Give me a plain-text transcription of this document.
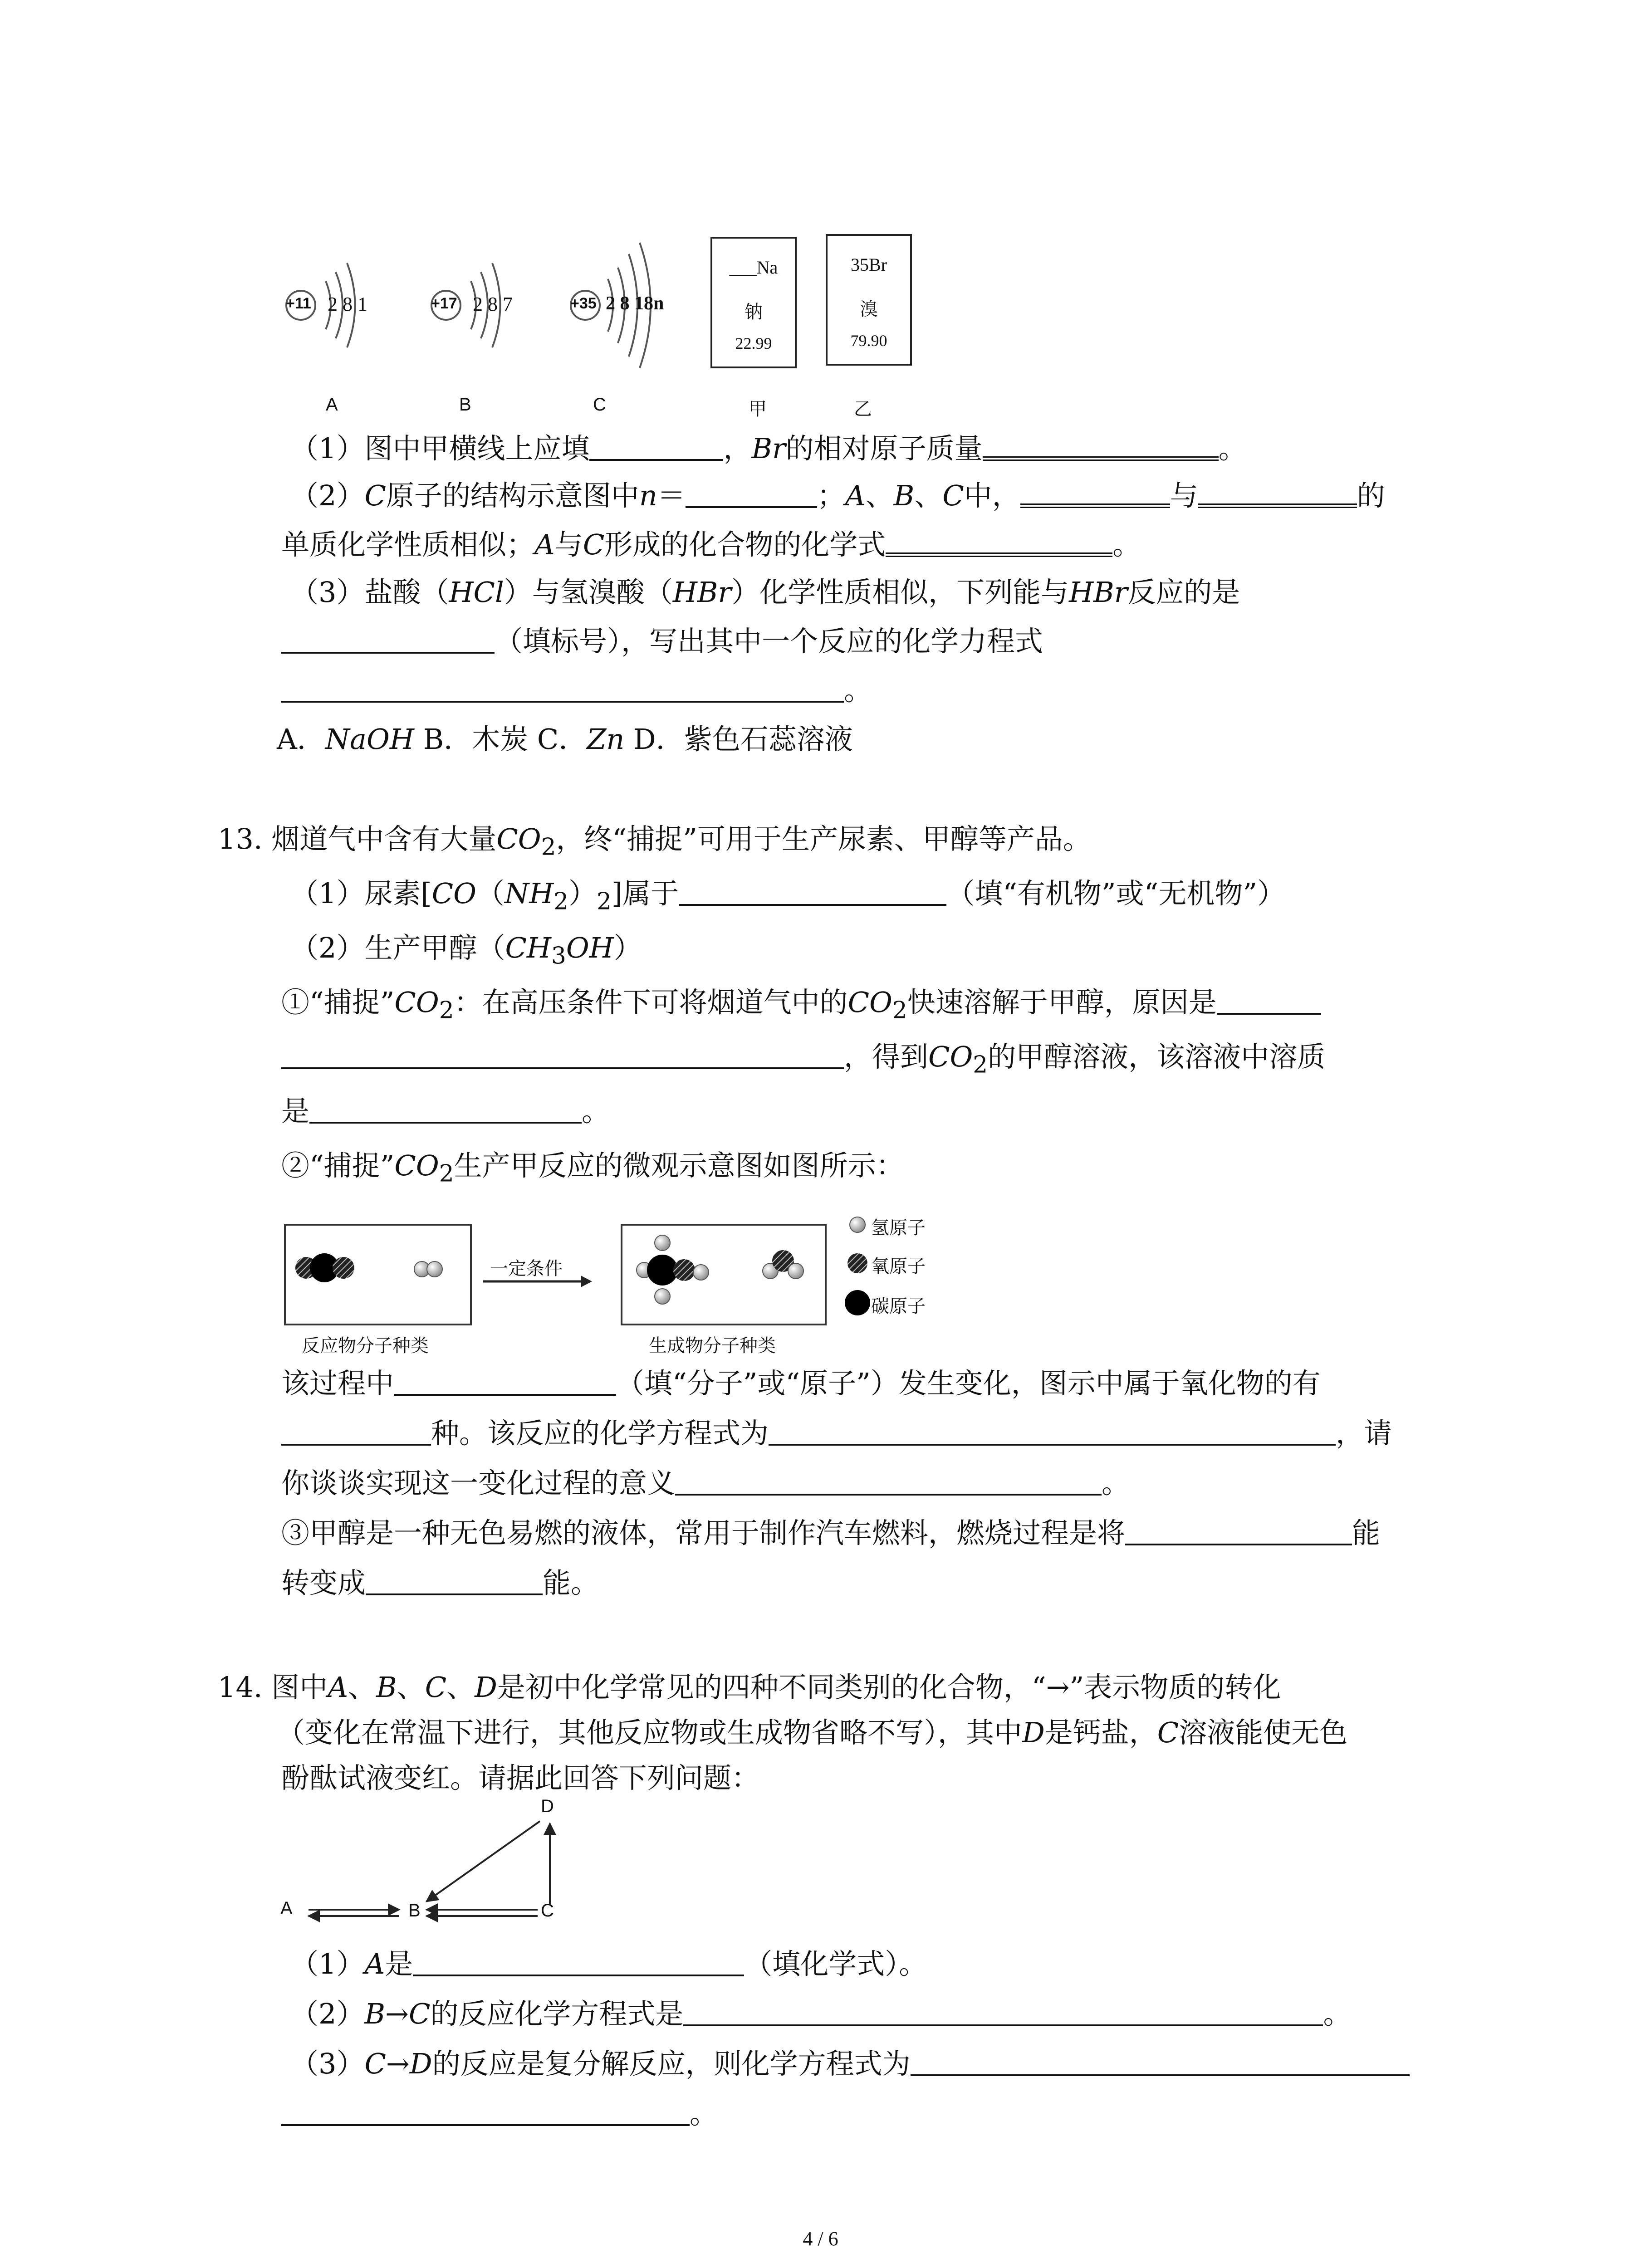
+11 2 8 1	+17 2 8 7	+35 2 8 18n
___Na
钠
22.99
35Br
溴
79.90
A	B	C	甲	乙
（1）图中甲横线上应填	，Br的相对原子质量	。
（2）C原子的结构示意图中n＝	；A、B、C中，	与	的
单质化学性质相似；A与C形成的化合物的化学式	。
（3）盐酸（HCl）与氢溴酸（HBr）化学性质相似，下列能与HBr反应的是
（填标号），写出其中一个反应的化学力程式
。
A．NaOH B．木炭 C．Zn D．紫色石蕊溶液
13. 烟道气中含有大量$CO_2$，终“捕捉”可用于生产尿素、甲醇等产品。
（1）尿素$[CO(NH_2)_2]$属于	（填“有机物”或“无机物”）
（2）生产甲醇$(CH_3OH)$
①“捕捉$”CO_2$：在高压条件下可将烟道气中的$CO_2$快速溶解于甲醇，原因是
，得到$CO_2$的甲醇溶液，该溶液中溶质
是	。
②“捕捉$”CO_2$生产甲反应的微观示意图如图所示：
一定条件
反应物分子种类	生成物分子种类
氢原子
氧原子
碳原子
该过程中	（填“分子”或“原子”）发生变化，图示中属于氧化物的有
种。该反应的化学方程式为	，请
你谈谈实现这一变化过程的意义	。
③甲醇是一种无色易燃的液体，常用于制作汽车燃料，燃烧过程是将	能
转变成	能。
14. 图中A、B、C、D是初中化学常见的四种不同类别的化合物，“→”表示物质的转化
（变化在常温下进行，其他反应物或生成物省略不写），其中D是钙盐，C溶液能使无色
酚酞试液变红。请据此回答下列问题：
A	B	C
D
（1）A是	（填化学式）。
（2）B→C的反应化学方程式是	。
（3）C→D的反应是复分解反应，则化学方程式为
。
4 / 6
